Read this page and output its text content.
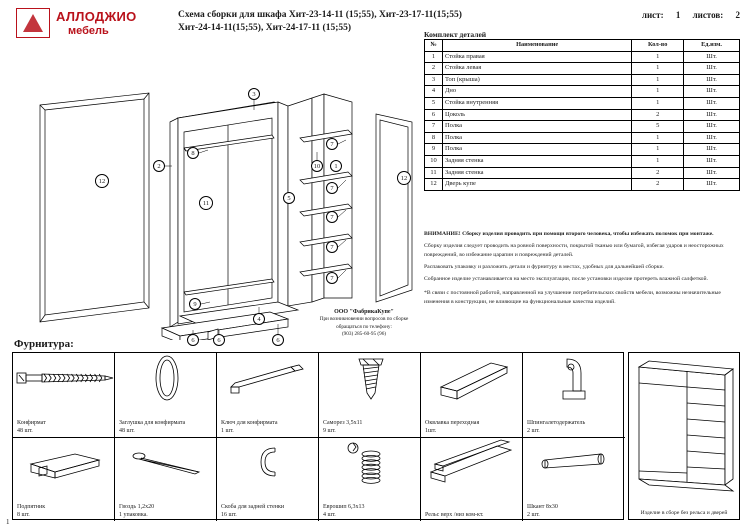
АЛЛОДЖИО
мебель
Схема сборки для шкафа Хит-23-14-11 (15;55), Хит-23-17-11(15;55)
Хит-24-14-11(15;55), Хит-24-17-11 (15;55)
лист: 1 листов: 2
Комплект деталей
№	Наименование	Кол-во	Ед.изм.
1	Стойка правая	1	Шт.
2	Стойка левая	1	Шт.
3	Топ (крыша)	1	Шт.
4	Дно	1	Шт.
5	Стойка внутренняя	1	Шт.
6	Цоколь	2	Шт.
7	Полка	5	Шт.
8	Полка	1	Шт.
9	Полка	1	Шт.
10	Задняя стенка	1	Шт.
11	Задняя стенка	2	Шт.
12	Дверь купе	2	Шт.
ВНИМАНИЕ! Сборку изделия проводить при помощи второго человека, чтобы избежать поломок при монтаже.

Сборку изделия следует проводить на ровной поверхности, покрытой тканью или бумагой, избегая ударов и неосторожных повреждений, во избежание царапин и повреждений деталей.

Распаковать упаковку и разложить детали и фурнитуру в местах, удобных для дальнейшей сборки.

Собранное изделие устанавливается на место эксплуатации, после установки изделие протереть влажной салфеткой.

*В связи с постоянной работой, направленной на улучшение потребительских свойств мебели, возможны незначительные изменения в конструкции, не влияющие на функциональные качества изделий.
3
2
8
12	12
11
5
10	1
7
7
7
7
7
9
4
6	6	6
ООО "ФабрикаКупе"
При возникновении вопросов по сборке
обращаться по телефону:
(903) 285-60-95 (96)
Фурнитура:
Конфирмат
48 шт.
Заглушка для конфирмата
48 шт.
Ключ для конфирмата
1 шт.
Саморез 3,5х11
9 шт.
Оквлавка переходная
1шт.
Шпингалетодержатель
2 шт.
Подпятник
8 шт.
Гвоздь 1,2х20
1 упаковка.
Скоба для задней стенки
16 шт.
Еврошип 6,3х13
4 шт.	Рельс верх /низ ком-кт.
Шкант 8х30
2 шт.	Изделие в сборе без рельса и дверей
1
